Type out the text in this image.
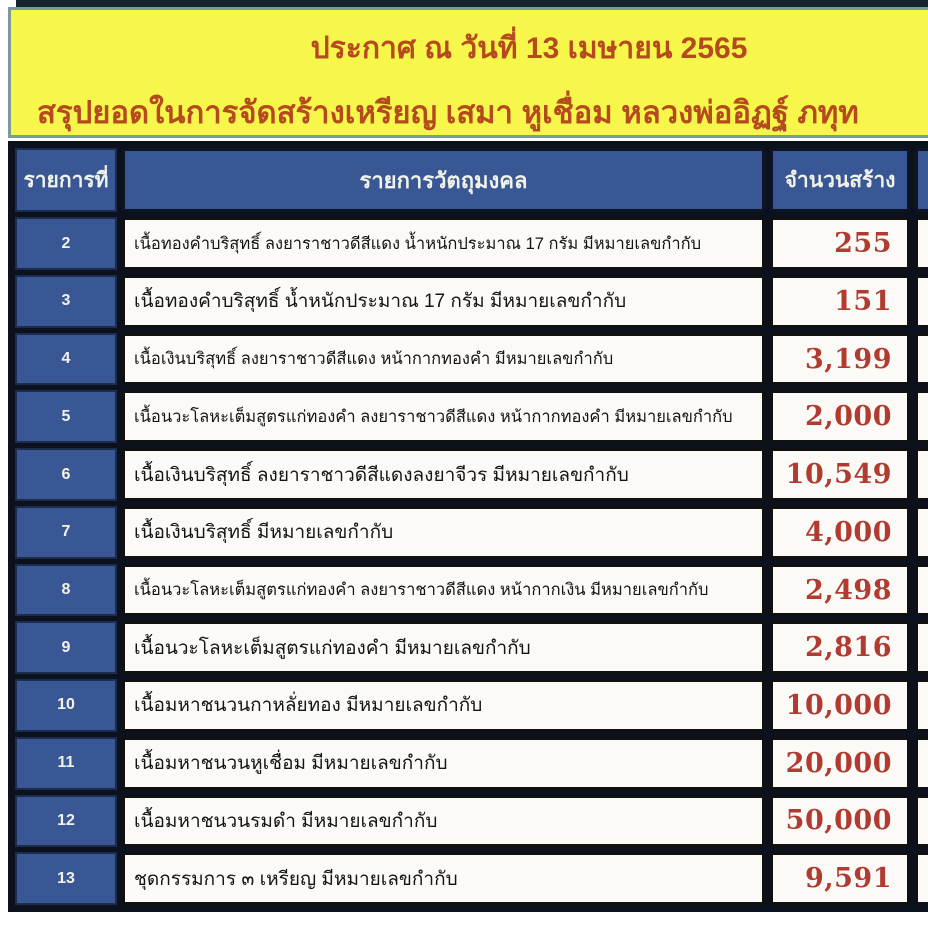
ประกาศ ณ วันที่ 13 เมษายน 2565
สรุปยอดในการจัดสร้างเหรียญ เสมา หูเชื่อม หลวงพ่ออิฏฐ์ ภทุท
รายการที่	รายการวัตถุมงคล	จำนวนสร้าง
2	เนื้อทองคำบริสุทธิ์ ลงยาราชาวดีสีแดง น้ำหนักประมาณ 17 กรัม มีหมายเลขกำกับ	255
3	เนื้อทองคำบริสุทธิ์ น้ำหนักประมาณ 17 กรัม มีหมายเลขกำกับ	151
4	เนื้อเงินบริสุทธิ์ ลงยาราชาวดีสีแดง หน้ากากทองคำ มีหมายเลขกำกับ	3,199
5	เนื้อนวะโลหะเต็มสูตรแก่ทองคำ ลงยาราชาวดีสีแดง หน้ากากทองคำ มีหมายเลขกำกับ	2,000
6	เนื้อเงินบริสุทธิ์ ลงยาราชาวดีสีแดงลงยาจีวร มีหมายเลขกำกับ	10,549
7	เนื้อเงินบริสุทธิ์ มีหมายเลขกำกับ	4,000
8	เนื้อนวะโลหะเต็มสูตรแก่ทองคำ ลงยาราชาวดีสีแดง หน้ากากเงิน มีหมายเลขกำกับ	2,498
9	เนื้อนวะโลหะเต็มสูตรแก่ทองคำ มีหมายเลขกำกับ	2,816
10	เนื้อมหาชนวนกาหลั่ยทอง มีหมายเลขกำกับ	10,000
11	เนื้อมหาชนวนหูเชื่อม มีหมายเลขกำกับ	20,000
12	เนื้อมหาชนวนรมดำ มีหมายเลขกำกับ	50,000
13	ชุดกรรมการ ๓ เหรียญ มีหมายเลขกำกับ	9,591
